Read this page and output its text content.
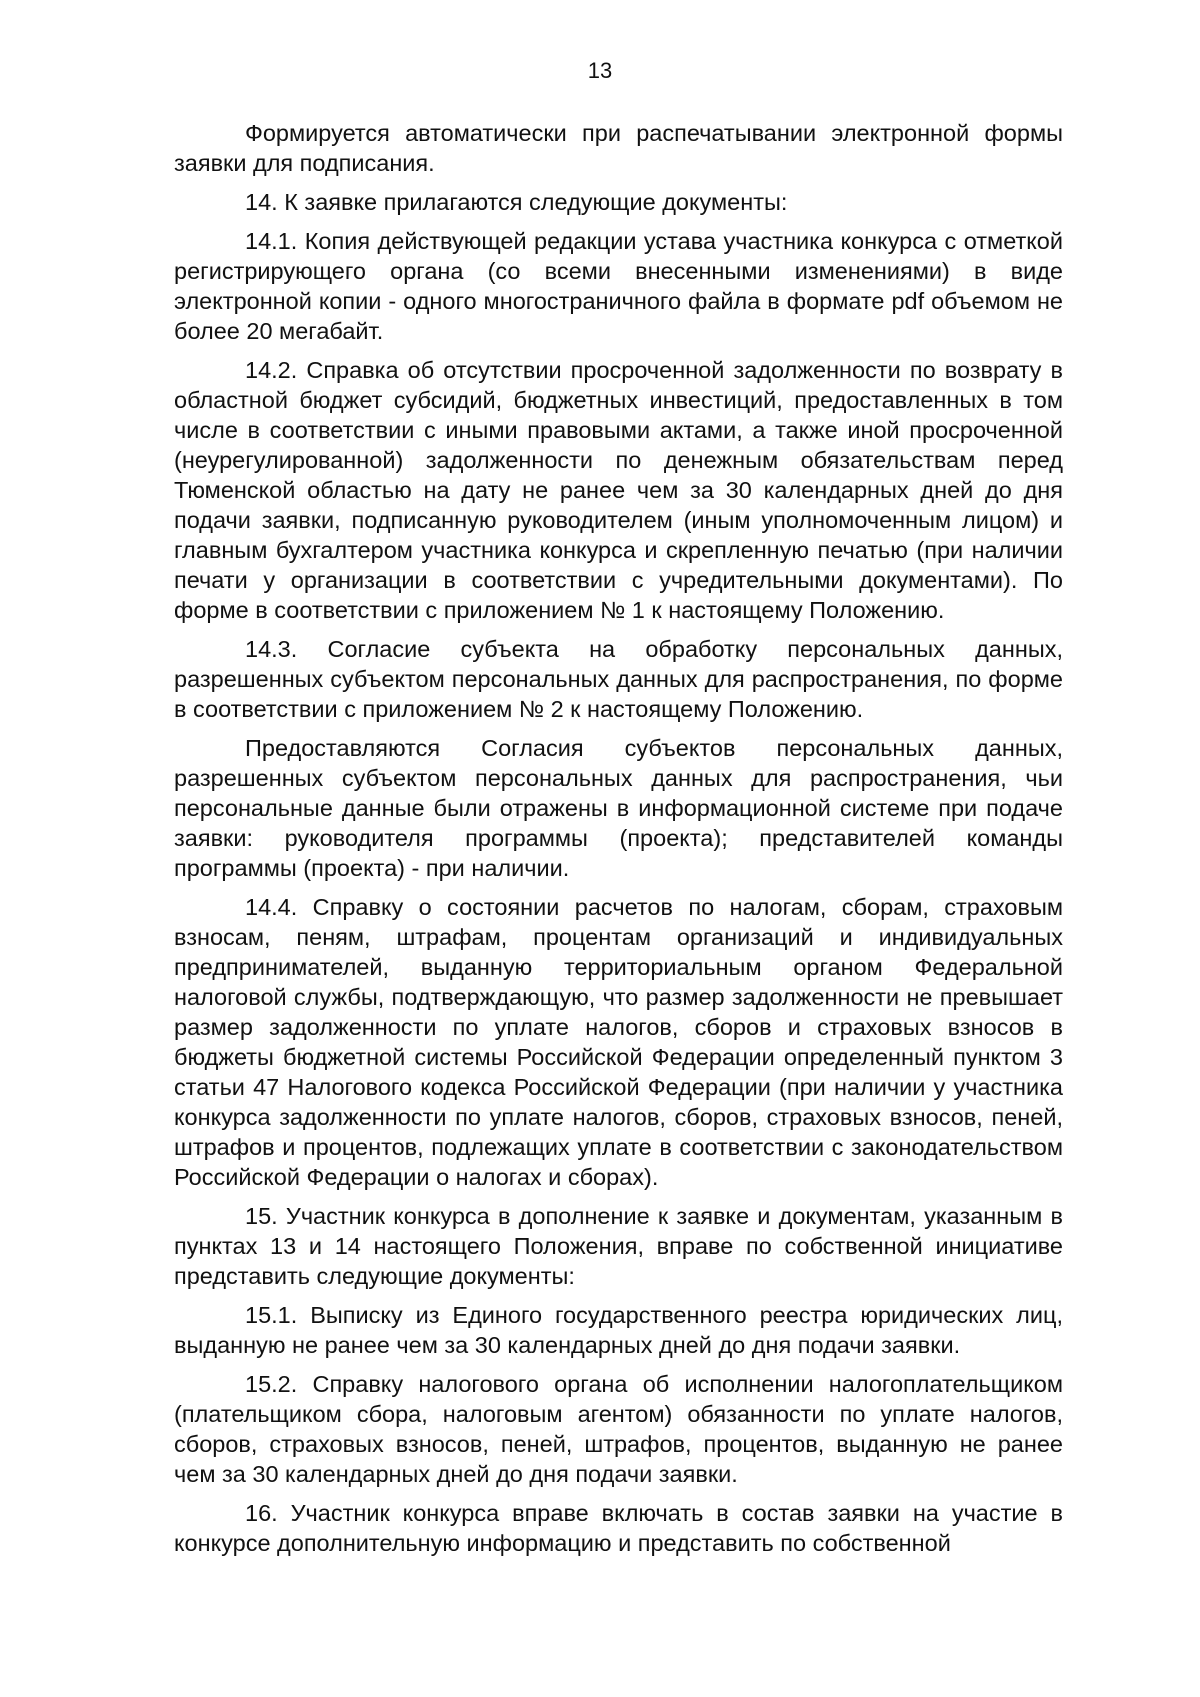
13

Формируется автоматически при распечатывании электронной формы заявки для подписания.

14. К заявке прилагаются следующие документы:

14.1. Копия действующей редакции устава участника конкурса с отметкой регистрирующего органа (со всеми внесенными изменениями) в виде электронной копии - одного многостраничного файла в формате pdf объемом не более 20 мегабайт.

14.2. Справка об отсутствии просроченной задолженности по возврату в областной бюджет субсидий, бюджетных инвестиций, предоставленных в том числе в соответствии с иными правовыми актами, а также иной просроченной (неурегулированной) задолженности по денежным обязательствам перед Тюменской областью на дату не ранее чем за 30 календарных дней до дня подачи заявки, подписанную руководителем (иным уполномоченным лицом) и главным бухгалтером участника конкурса и скрепленную печатью (при наличии печати у организации в соответствии с учредительными документами). По форме в соответствии с приложением № 1 к настоящему Положению.

14.3. Согласие субъекта на обработку персональных данных, разрешенных субъектом персональных данных для распространения, по форме в соответствии с приложением № 2 к настоящему Положению.

Предоставляются Согласия субъектов персональных данных, разрешенных субъектом персональных данных для распространения, чьи персональные данные были отражены в информационной системе при подаче заявки: руководителя программы (проекта); представителей команды программы (проекта) - при наличии.

14.4. Справку о состоянии расчетов по налогам, сборам, страховым взносам, пеням, штрафам, процентам организаций и индивидуальных предпринимателей, выданную территориальным органом Федеральной налоговой службы, подтверждающую, что размер задолженности не превышает размер задолженности по уплате налогов, сборов и страховых взносов в бюджеты бюджетной системы Российской Федерации определенный пунктом 3 статьи 47 Налогового кодекса Российской Федерации (при наличии у участника конкурса задолженности по уплате налогов, сборов, страховых взносов, пеней, штрафов и процентов, подлежащих уплате в соответствии с законодательством Российской Федерации о налогах и сборах).

15. Участник конкурса в дополнение к заявке и документам, указанным в пунктах 13 и 14 настоящего Положения, вправе по собственной инициативе представить следующие документы:

15.1. Выписку из Единого государственного реестра юридических лиц, выданную не ранее чем за 30 календарных дней до дня подачи заявки.

15.2. Справку налогового органа об исполнении налогоплательщиком (плательщиком сбора, налоговым агентом) обязанности по уплате налогов, сборов, страховых взносов, пеней, штрафов, процентов, выданную не ранее чем за 30 календарных дней до дня подачи заявки.

16. Участник конкурса вправе включать в состав заявки на участие в конкурсе дополнительную информацию и представить по собственной
